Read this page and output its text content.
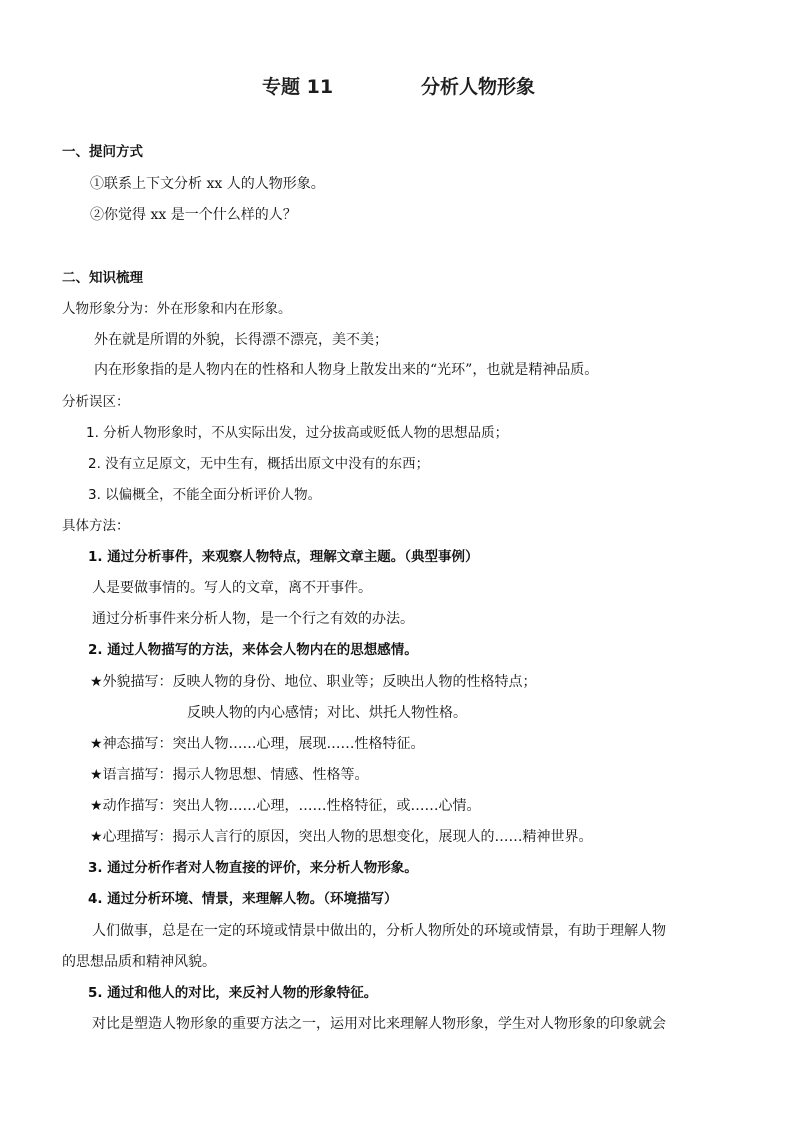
专题 11	分析人物形象
一、提问方式
①联系上下文分析 xx 人的人物形象。
②你觉得 xx 是一个什么样的人？
二、知识梳理
人物形象分为：外在形象和内在形象。
外在就是所谓的外貌，长得漂不漂亮，美不美；
内在形象指的是人物内在的性格和人物身上散发出来的“光环”，也就是精神品质。
分析误区：
1. 分析人物形象时，不从实际出发，过分拔高或贬低人物的思想品质；
2. 没有立足原文，无中生有，概括出原文中没有的东西；
3. 以偏概全，不能全面分析评价人物。
具体方法：
1. 通过分析事件，来观察人物特点，理解文章主题。（典型事例）
人是要做事情的。写人的文章，离不开事件。
通过分析事件来分析人物，是一个行之有效的办法。
2. 通过人物描写的方法，来体会人物内在的思想感情。
★外貌描写：反映人物的身份、地位、职业等；反映出人物的性格特点；
反映人物的内心感情；对比、烘托人物性格。
★神态描写：突出人物……心理，展现……性格特征。
★语言描写：揭示人物思想、情感、性格等。
★动作描写：突出人物……心理，……性格特征，或……心情。
★心理描写：揭示人言行的原因，突出人物的思想变化，展现人的……精神世界。
3. 通过分析作者对人物直接的评价，来分析人物形象。
4. 通过分析环境、情景，来理解人物。（环境描写）
人们做事，总是在一定的环境或情景中做出的，分析人物所处的环境或情景，有助于理解人物
的思想品质和精神风貌。
5. 通过和他人的对比，来反衬人物的形象特征。
对比是塑造人物形象的重要方法之一，运用对比来理解人物形象，学生对人物形象的印象就会
